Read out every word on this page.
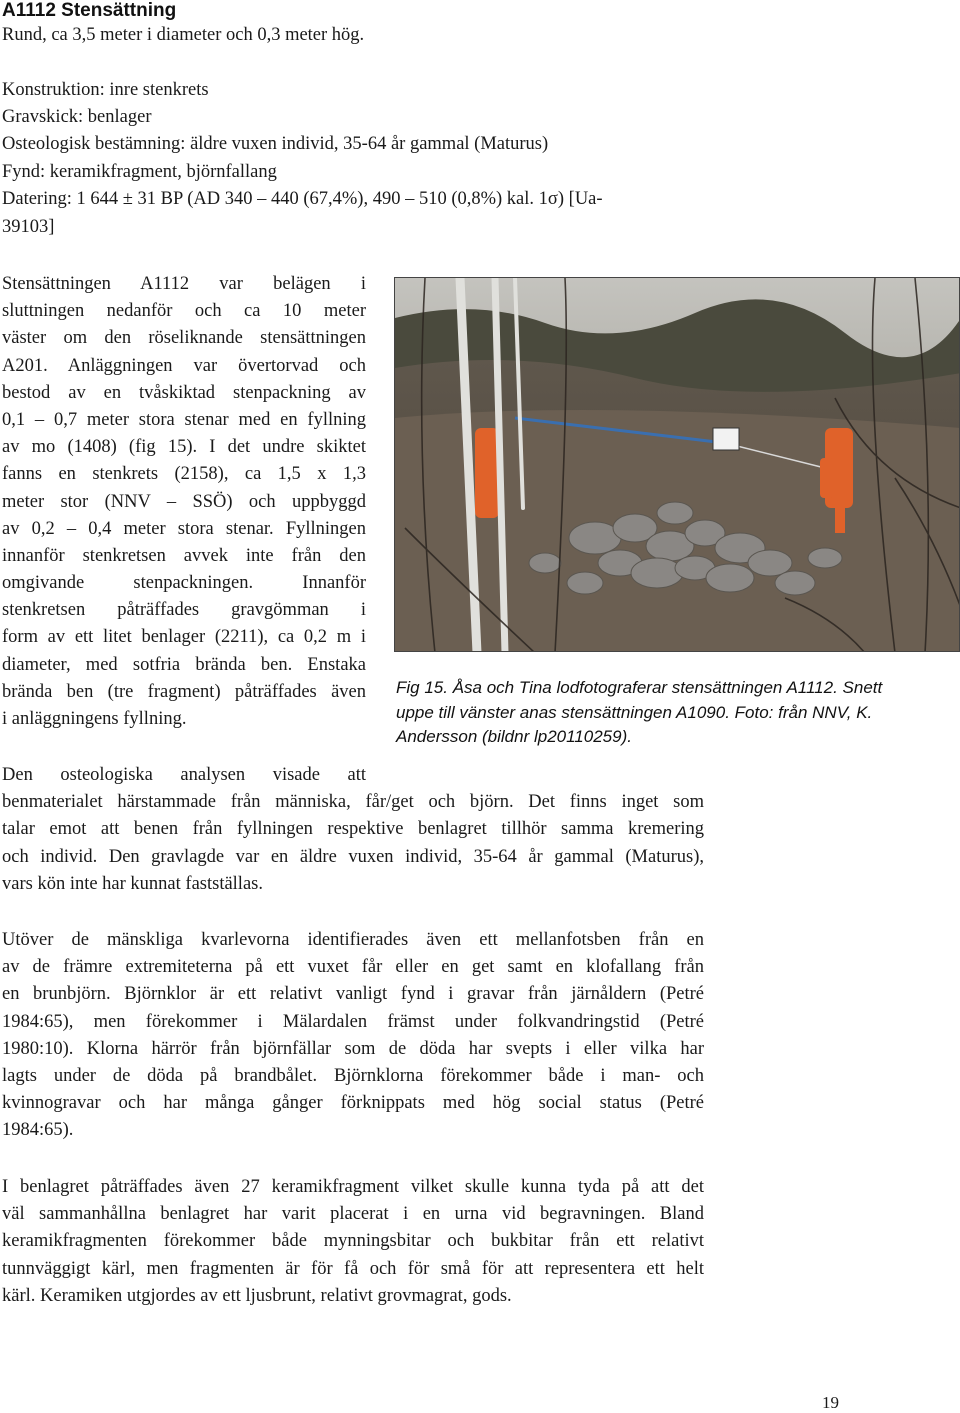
A1112 Stensättning
Rund, ca 3,5 meter i diameter och 0,3 meter hög.
Konstruktion: inre stenkrets
Gravskick: benlager
Osteologisk bestämning: äldre vuxen individ, 35-64 år gammal (Maturus)
Fynd: keramikfragment, björnfallang
Datering: 1 644 ± 31 BP (AD 340 – 440 (67,4%), 490 – 510 (0,8%) kal. 1σ) [Ua-
39103]
Stensättningen A1112 var belägen i
sluttningen nedanför och ca 10 meter
väster om den röseliknande stensättningen
A201. Anläggningen var övertorvad och
bestod av en tvåskiktad stenpackning av
0,1 – 0,7 meter stora stenar med en fyllning
av mo (1408) (fig 15). I det undre skiktet
fanns en stenkrets (2158), ca 1,5 x 1,3
meter stor (NNV – SSÖ) och uppbyggd
av 0,2 – 0,4 meter stora stenar. Fyllningen
innanför stenkretsen avvek inte från den
omgivande stenpackningen. Innanför
stenkretsen påträffades gravgömman i
form av ett litet benlager (2211), ca 0,2 m i
diameter, med sotfria brända ben. Enstaka
brända ben (tre fragment) påträffades även
i anläggningens fyllning.
Fig 15. Åsa och Tina lodfotograferar stensättningen A1112. Snett
uppe till vänster anas stensättningen A1090. Foto: från NNV, K.
Andersson (bildnr lp20110259).
Den osteologiska analysen visade att
benmaterialet härstammade från människa, får/get och björn. Det finns inget som
talar emot att benen från fyllningen respektive benlagret tillhör samma kremering
och individ. Den gravlagde var en äldre vuxen individ, 35-64 år gammal (Maturus),
vars kön inte har kunnat fastställas.
Utöver de mänskliga kvarlevorna identifierades även ett mellanfotsben från en
av de främre extremiteterna på ett vuxet får eller en get samt en klofallang från
en brunbjörn. Björnklor är ett relativt vanligt fynd i gravar från järnåldern (Petré
1984:65), men förekommer i Mälardalen främst under folkvandringstid (Petré
1980:10). Klorna härrör från björnfällar som de döda har svepts i eller vilka har
lagts under de döda på brandbålet. Björnklorna förekommer både i man- och
kvinnogravar och har många gånger förknippats med hög social status (Petré
1984:65).
I benlagret påträffades även 27 keramikfragment vilket skulle kunna tyda på att det
väl sammanhållna benlagret har varit placerat i en urna vid begravningen. Bland
keramikfragmenten förekommer både mynningsbitar och bukbitar från ett relativt
tunnväggigt kärl, men fragmenten är för få och för små för att representera ett helt
kärl. Keramiken utgjordes av ett ljusbrunt, relativt grovmagrat, gods.
19
